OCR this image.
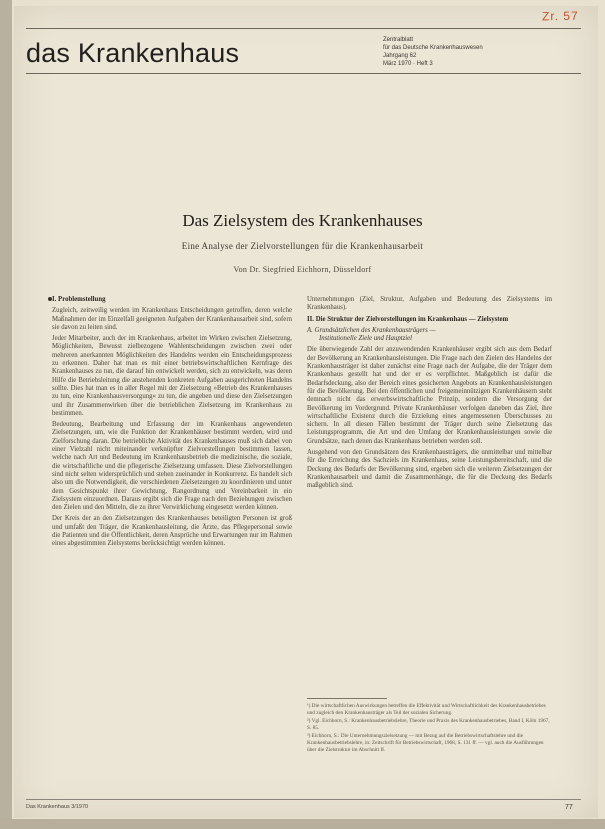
das Krankenhaus	Zentralblatt
für das Deutsche Krankenhauswesen
Jahrgang 62
März 1970 · Heft 3
Zr. 57
Das Zielsystem des Krankenhauses
Eine Analyse der Zielvorstellungen für die Krankenhausarbeit
Von Dr. Siegfried Eichhorn, Düsseldorf

I. Problemstellung

Zugleich, zeitweilig werden im Krankenhaus Entscheidungen getroffen, deren welche Maßnahmen der im Einzelfall geeigneten Aufgaben der Krankenhausarbeit sind, sofern sie davon zu leiten sind.

Jeder Mitarbeiter, auch der im Krankenhaus, arbeitet im Wirken zwischen Zielsetzung, Möglichkeiten, Bewusst zielbezogene Wahlentscheidungen zwischen zwei oder mehreren anerkannten Möglichkeiten des Handelns werden ein Entscheidungsprozess zu erkennen. Daher hat man es mit einer betriebswirtschaftlichen Kernfrage des Krankenhauses zu tun, die darauf hin entwickelt werden, sich zu entwickeln, was deren Hilfe die Betriebsleitung die anstehenden konkreten Aufgaben ausgerichteten Handelns sollte. Dies hat man es in aller Regel mit der Zielsetzung »Betrieb des Krankenhauses zu tun, eine Krankenhausversorgung« zu tun, die angeben und diese den Zielsetzungen und ihr Zusammenwirken über die betrieblichen Zielsetzung im Krankenhaus zu bestimmen.

Bedeutung, Bearbeitung und Erfassung der im Krankenhaus angewendeten Zielsetzungen, um, wie die Funktion der Krankenhäuser bestimmt werden, wird und Zielforschung daran. Die betriebliche Aktivität des Krankenhauses muß sich dabei von einer Vielzahl nicht miteinander verknüpfter Zielvorstellungen bestimmen lassen, welche nach Art und Bedeutung im Krankenhausbetrieb die medizinische, die soziale, die wirtschaftliche und die pflegerische Zielsetzung umfassen. Diese Zielvorstellungen sind nicht selten widersprüchlich und stehen zueinander in Konkurrenz. Es handelt sich also um die Notwendigkeit, die verschiedenen Zielsetzungen zu koordinieren und unter dem Gesichtspunkt ihrer Gewichtung, Rangordnung und Vereinbarkeit in ein Zielsystem einzuordnen. Daraus ergibt sich die Frage nach den Beziehungen zwischen den Zielen und den Mitteln, die zu ihrer Verwirklichung eingesetzt werden können.

Der Kreis der an den Zielsetzungen des Krankenhauses beteiligten Personen ist groß und umfaßt den Träger, die Krankenhausleitung, die Ärzte, das Pflegepersonal sowie die Patienten und die Öffentlichkeit, deren Ansprüche und Erwartungen nur im Rahmen eines abgestimmten Zielsystems berücksichtigt werden können.

Unternehmungen (Ziel, Struktur, Aufgaben und Bedeutung des Zielsystems im Krankenhaus).

II. Die Struktur der Zielvorstellungen im Krankenhaus — Zielsystem

A. Grundsätzlichen des Krankenhausträgers —

Institutionelle Ziele und Hauptziel

Die überwiegende Zahl der anzuwendenden Krankenhäuser ergibt sich aus dem Bedarf der Bevölkerung an Krankenhausleistungen. Die Frage nach den Zielen des Handelns der Krankenhausträger ist daher zunächst eine Frage nach der Aufgabe, die der Träger dem Krankenhaus gestellt hat und der er es verpflichtet. Maßgeblich ist dafür die Bedarfsdeckung, also der Bereich eines gesicherten Angebots an Krankenhausleistungen für die Bevölkerung. Bei den öffentlichen und freigemeinnützigen Krankenhäusern steht demnach nicht das erwerbswirtschaftliche Prinzip, sondern die Versorgung der Bevölkerung im Vordergrund. Private Krankenhäuser verfolgen daneben das Ziel, ihre wirtschaftliche Existenz durch die Erzielung eines angemessenen Überschusses zu sichern. In all diesen Fällen bestimmt der Träger durch seine Zielsetzung das Leistungsprogramm, die Art und den Umfang der Krankenhausleistungen sowie die Grundsätze, nach denen das Krankenhaus betrieben werden soll.

Ausgehend von den Grundsätzen des Krankenhausträgers, die unmittelbar und mittelbar für die Erreichung des Sachziels im Krankenhaus, seine Leistungsbereitschaft, und die Deckung des Bedarfs der Bevölkerung sind, ergeben sich die weiteren Zielsetzungen der Krankenhausarbeit und damit die Zusammenhänge, die für die Deckung des Bedarfs maßgeblich sind.

¹) Die wirtschaftlichen Auswirkungen betreffen die Effektivität und Wirtschaftlichkeit des Krankenhausbetriebes und zugleich den Krankenhausträger als Teil der sozialen Sicherung.

²) Vgl. Eichhorn, S.: Krankenhausbetriebslehre, Theorie und Praxis des Krankenhausbetriebes, Band I, Köln 1967, S. 85.

³) Eichhorn, S.: Die Unternehmungszielsetzung — mit Bezug auf die Betriebswirtschaftslehre und die Krankenhausbetriebslehre, in: Zeitschrift für Betriebswirtschaft, 1968, S. 131 ff. — vgl. auch die Ausführungen über die Zielstruktur im Abschnitt II.

Das Krankenhaus 3/1970	77
